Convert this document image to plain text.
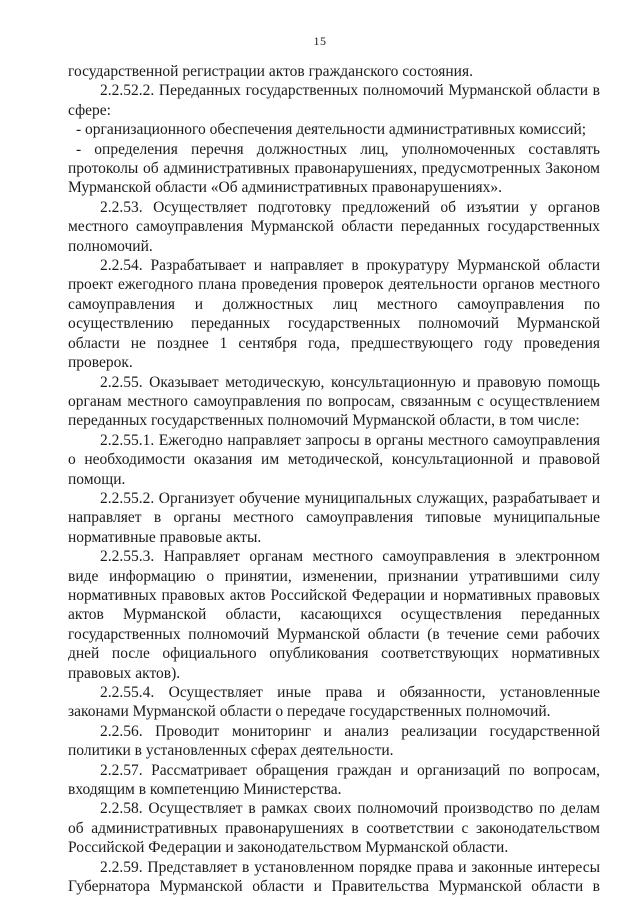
15

государственной регистрации актов гражданского состояния.

2.2.52.2. Переданных государственных полномочий Мурманской области в сфере:

- организационного обеспечения деятельности административных комиссий;

- определения перечня должностных лиц, уполномоченных составлять протоколы об административных правонарушениях, предусмотренных Законом Мурманской области «Об административных правонарушениях».

2.2.53. Осуществляет подготовку предложений об изъятии у органов местного самоуправления Мурманской области переданных государственных полномочий.

2.2.54. Разрабатывает и направляет в прокуратуру Мурманской области проект ежегодного плана проведения проверок деятельности органов местного самоуправления и должностных лиц местного самоуправления по осуществлению переданных государственных полномочий Мурманской области не позднее 1 сентября года, предшествующего году проведения проверок.

2.2.55. Оказывает методическую, консультационную и правовую помощь органам местного самоуправления по вопросам, связанным с осуществлением переданных государственных полномочий Мурманской области, в том числе:

2.2.55.1. Ежегодно направляет запросы в органы местного самоуправления о необходимости оказания им методической, консультационной и правовой помощи.

2.2.55.2. Организует обучение муниципальных служащих, разрабатывает и направляет в органы местного самоуправления типовые муниципальные нормативные правовые акты.

2.2.55.3. Направляет органам местного самоуправления в электронном виде информацию о принятии, изменении, признании утратившими силу нормативных правовых актов Российской Федерации и нормативных правовых актов Мурманской области, касающихся осуществления переданных государственных полномочий Мурманской области (в течение семи рабочих дней после официального опубликования соответствующих нормативных правовых актов).

2.2.55.4. Осуществляет иные права и обязанности, установленные законами Мурманской области о передаче государственных полномочий.

2.2.56. Проводит мониторинг и анализ реализации государственной политики в установленных сферах деятельности.

2.2.57. Рассматривает обращения граждан и организаций по вопросам, входящим в компетенцию Министерства.

2.2.58. Осуществляет в рамках своих полномочий производство по делам об административных правонарушениях в соответствии с законодательством Российской Федерации и законодательством Мурманской области.

2.2.59. Представляет в установленном порядке права и законные интересы Губернатора Мурманской области и Правительства Мурманской области в
